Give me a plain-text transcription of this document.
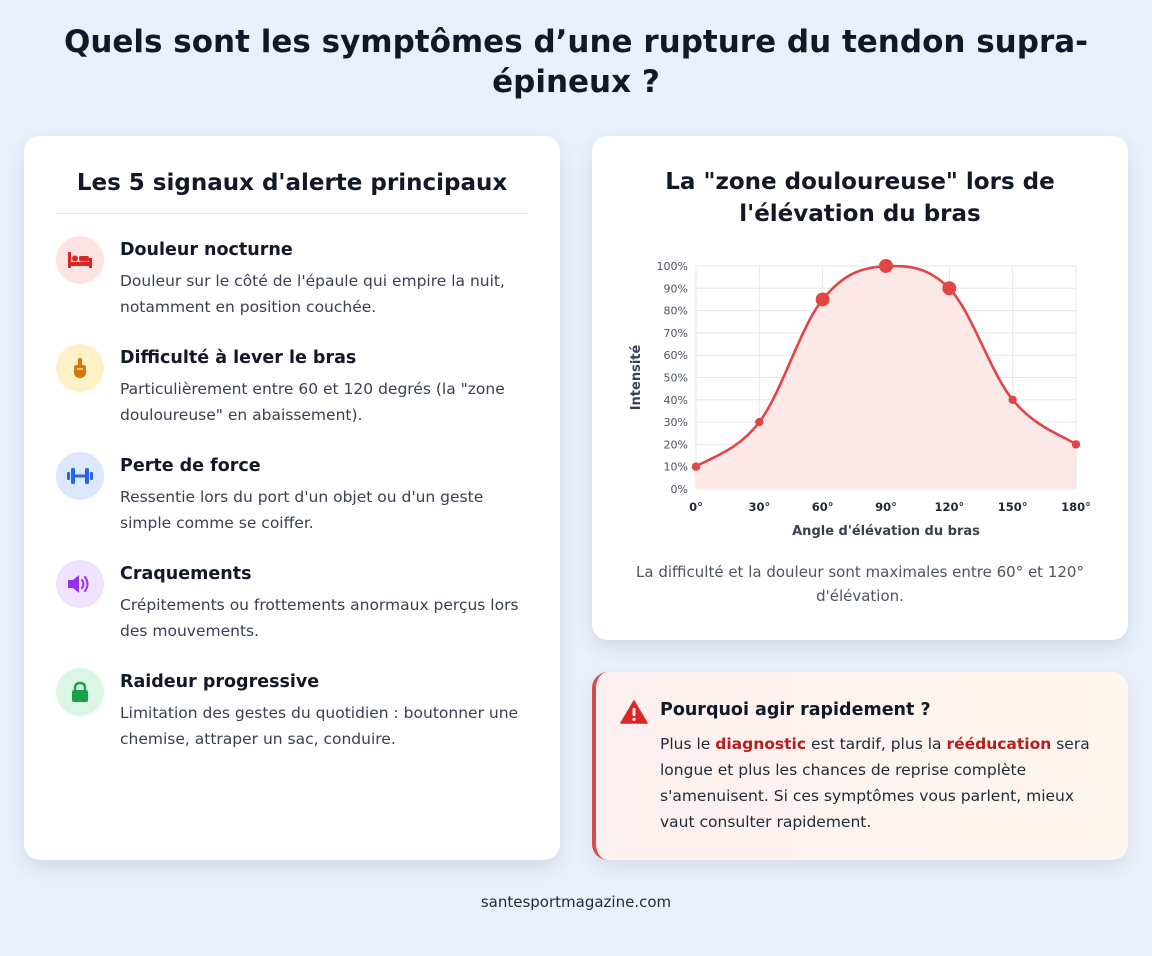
Quels sont les symptômes d’une rupture du tendon supra-épineux ?
Les 5 signaux d'alerte principaux
Douleur nocturne
Douleur sur le côté de l'épaule qui empire la nuit, notamment en position couchée.
Difficulté à lever le bras
Particulièrement entre 60 et 120 degrés (la "zone douloureuse" en abaissement).
Perte de force
Ressentie lors du port d'un objet ou d'un geste simple comme se coiffer.
Craquements
Crépitements ou frottements anormaux perçus lors des mouvements.
Raideur progressive
Limitation des gestes du quotidien : boutonner une chemise, attraper un sac, conduire.
La "zone douloureuse" lors de l'élévation du bras
0%
10%
20%
30%
40%
50%
60%
70%
80%
90%
100%
0°	30°	60°	90°	120°	150°	180°
Angle d'élévation du bras
Intensité

La difficulté et la douleur sont maximales entre 60° et 120° d'élévation.

Pourquoi agir rapidement ?

Plus le diagnostic est tardif, plus la rééducation sera longue et plus les chances de reprise complète s'amenuisent. Si ces symptômes vous parlent, mieux vaut consulter rapidement.

santesportmagazine.com
